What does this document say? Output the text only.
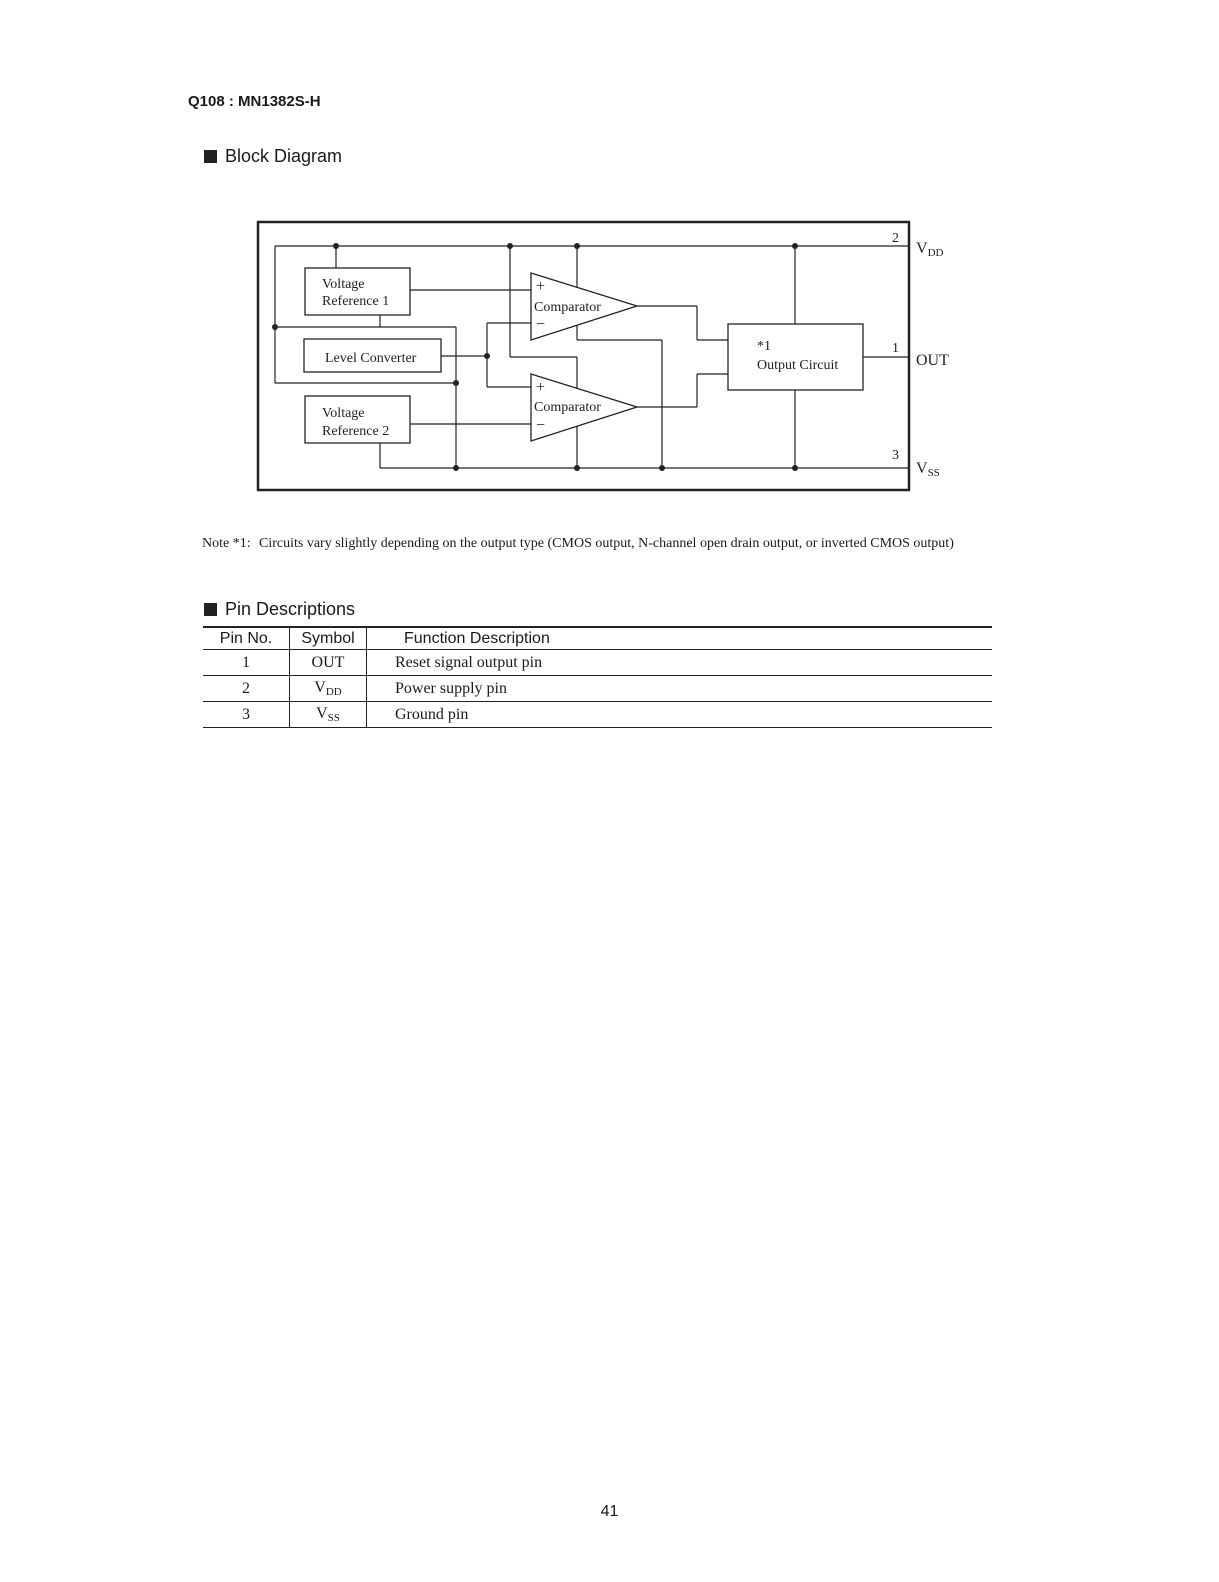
Q108 : MN1382S-H
Block Diagram
Voltage
Reference 1
Level Converter
Voltage
Reference 2
+
Comparator
−
+
Comparator
−
*1
Output Circuit
2
VDD
1
OUT
3
VSS
Note *1: Circuits vary slightly depending on the output type (CMOS output, N-channel open drain output, or inverted CMOS output)
Pin Descriptions
Pin No.	Symbol	Function Description
1	OUT	Reset signal output pin
2	$V_{DD}$	Power supply pin
3	$V_{SS}$	Ground pin
41
